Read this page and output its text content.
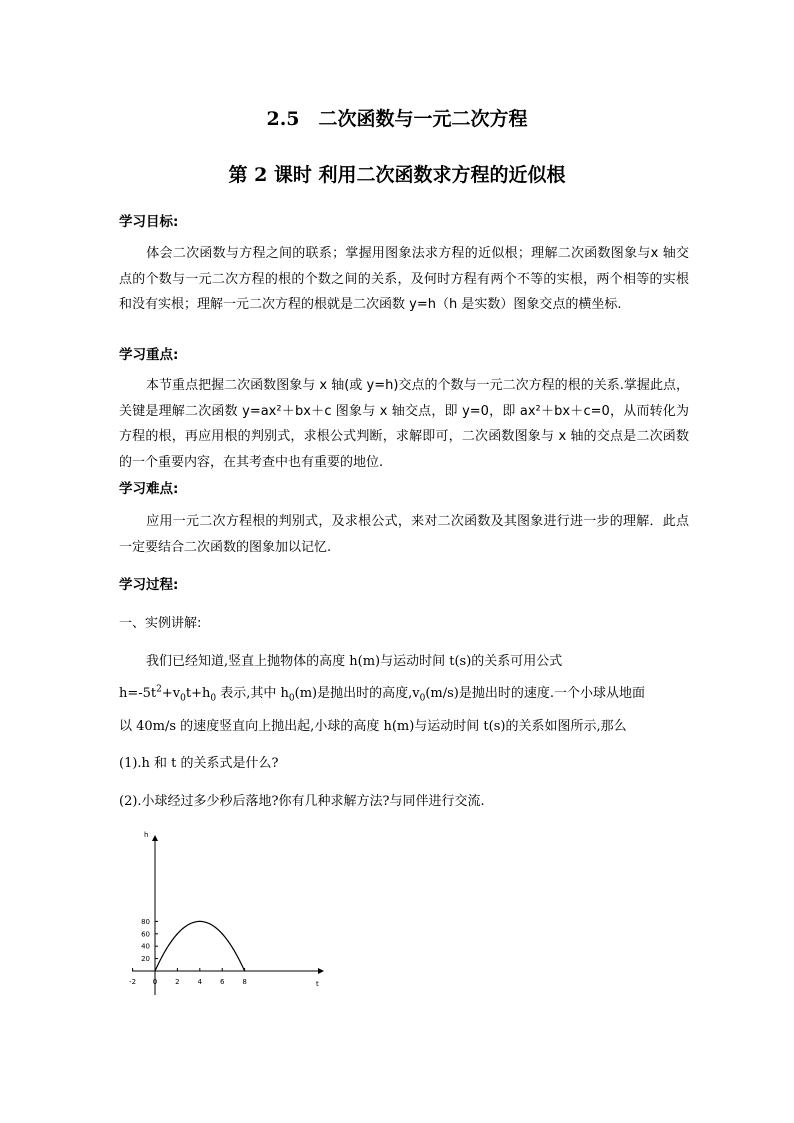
2.5　二次函数与一元二次方程
第 2 课时 利用二次函数求方程的近似根
学习目标:
体会二次函数与方程之间的联系；掌握用图象法求方程的近似根；理解二次函数图象与x 轴交点的个数与一元二次方程的根的个数之间的关系，及何时方程有两个不等的实根，两个相等的实根和没有实根；理解一元二次方程的根就是二次函数 y=h（h 是实数）图象交点的横坐标.
学习重点:
本节重点把握二次函数图象与 x 轴(或 y=h)交点的个数与一元二次方程的根的关系.掌握此点，关键是理解二次函数 y=ax²＋bx＋c 图象与 x 轴交点，即 y=0，即 ax²＋bx＋c=0，从而转化为方程的根，再应用根的判别式，求根公式判断，求解即可，二次函数图象与 x 轴的交点是二次函数的一个重要内容，在其考查中也有重要的地位.
学习难点:
应用一元二次方程根的判别式，及求根公式，来对二次函数及其图象进行进一步的理解．此点一定要结合二次函数的图象加以记忆.
学习过程:
一、实例讲解:
我们已经知道,竖直上抛物体的高度 h(m)与运动时间 t(s)的关系可用公式
$h=-5t^2+v_0t+h_0$ 表示,其中 $h_0(m)$是抛出时的高度$,v_0(m/s)$是抛出时的速度.一个小球从地面
以 40m/s 的速度竖直向上抛出起,小球的高度 h(m)与运动时间 t(s)的关系如图所示,那么
(1).h 和 t 的关系式是什么?
(2).小球经过多少秒后落地?你有几种求解方法?与同伴进行交流.
t
h
-2 0	2	4	6	8
20
40
60
80
